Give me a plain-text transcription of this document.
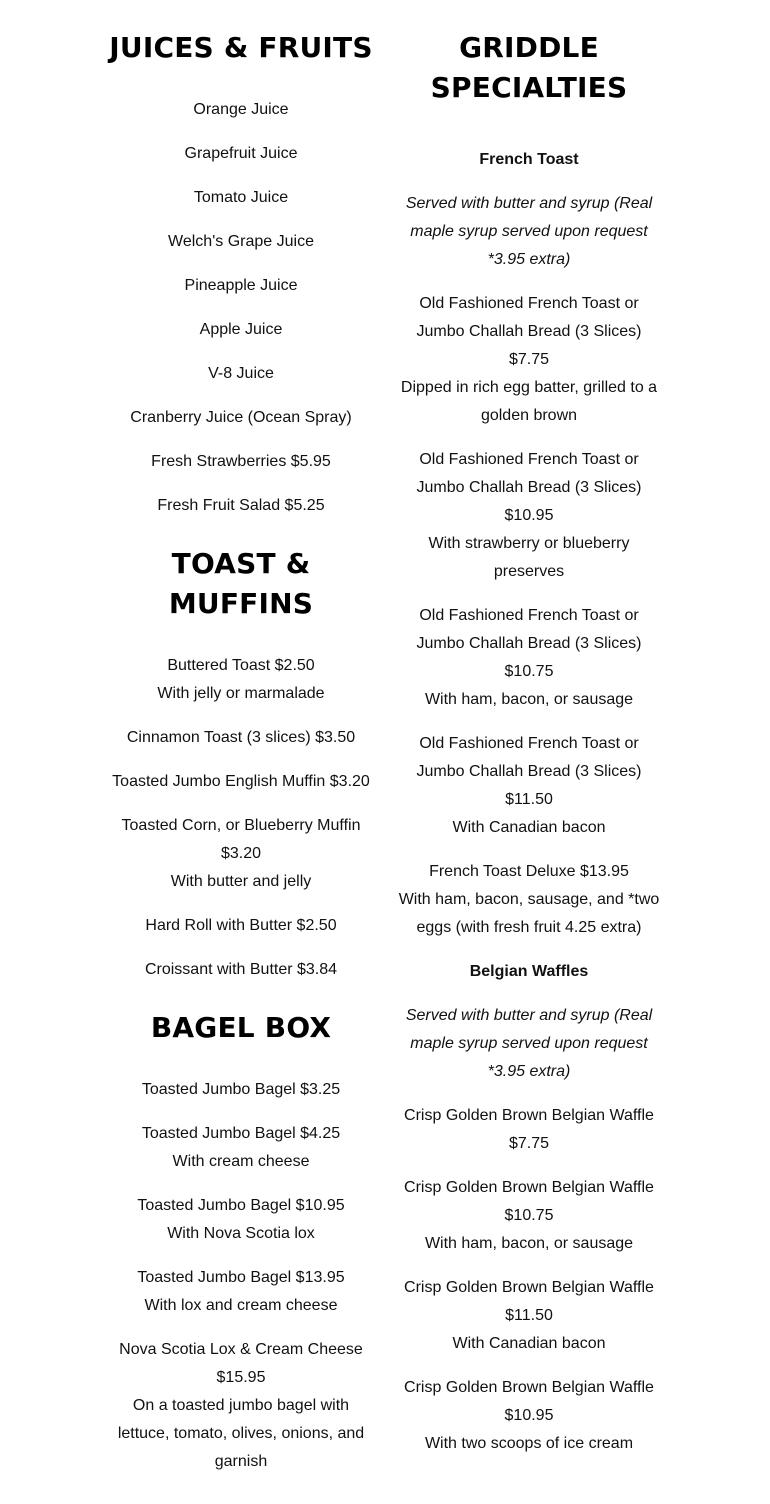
JUICES & FRUITS
Orange Juice
Grapefruit Juice
Tomato Juice
Welch's Grape Juice
Pineapple Juice
Apple Juice
V-8 Juice
Cranberry Juice (Ocean Spray)
Fresh Strawberries $5.95
Fresh Fruit Salad $5.25
TOAST & MUFFINS
Buttered Toast $2.50
With jelly or marmalade
Cinnamon Toast (3 slices) $3.50
Toasted Jumbo English Muffin $3.20
Toasted Corn, or Blueberry Muffin $3.20
With butter and jelly
Hard Roll with Butter $2.50
Croissant with Butter $3.84
BAGEL BOX
Toasted Jumbo Bagel $3.25
Toasted Jumbo Bagel $4.25
With cream cheese
Toasted Jumbo Bagel $10.95
With Nova Scotia lox
Toasted Jumbo Bagel $13.95
With lox and cream cheese
Nova Scotia Lox & Cream Cheese $15.95
On a toasted jumbo bagel with lettuce, tomato, olives, onions, and garnish
GRIDDLE SPECIALTIES
French Toast
Served with butter and syrup (Real maple syrup served upon request *3.95 extra)
Old Fashioned French Toast or Jumbo Challah Bread (3 Slices) $7.75
Dipped in rich egg batter, grilled to a golden brown
Old Fashioned French Toast or Jumbo Challah Bread (3 Slices) $10.95
With strawberry or blueberry preserves
Old Fashioned French Toast or Jumbo Challah Bread (3 Slices) $10.75
With ham, bacon, or sausage
Old Fashioned French Toast or Jumbo Challah Bread (3 Slices) $11.50
With Canadian bacon
French Toast Deluxe $13.95
With ham, bacon, sausage, and *two eggs (with fresh fruit 4.25 extra)
Belgian Waffles
Served with butter and syrup (Real maple syrup served upon request *3.95 extra)
Crisp Golden Brown Belgian Waffle $7.75
Crisp Golden Brown Belgian Waffle $10.75
With ham, bacon, or sausage
Crisp Golden Brown Belgian Waffle $11.50
With Canadian bacon
Crisp Golden Brown Belgian Waffle $10.95
With two scoops of ice cream
